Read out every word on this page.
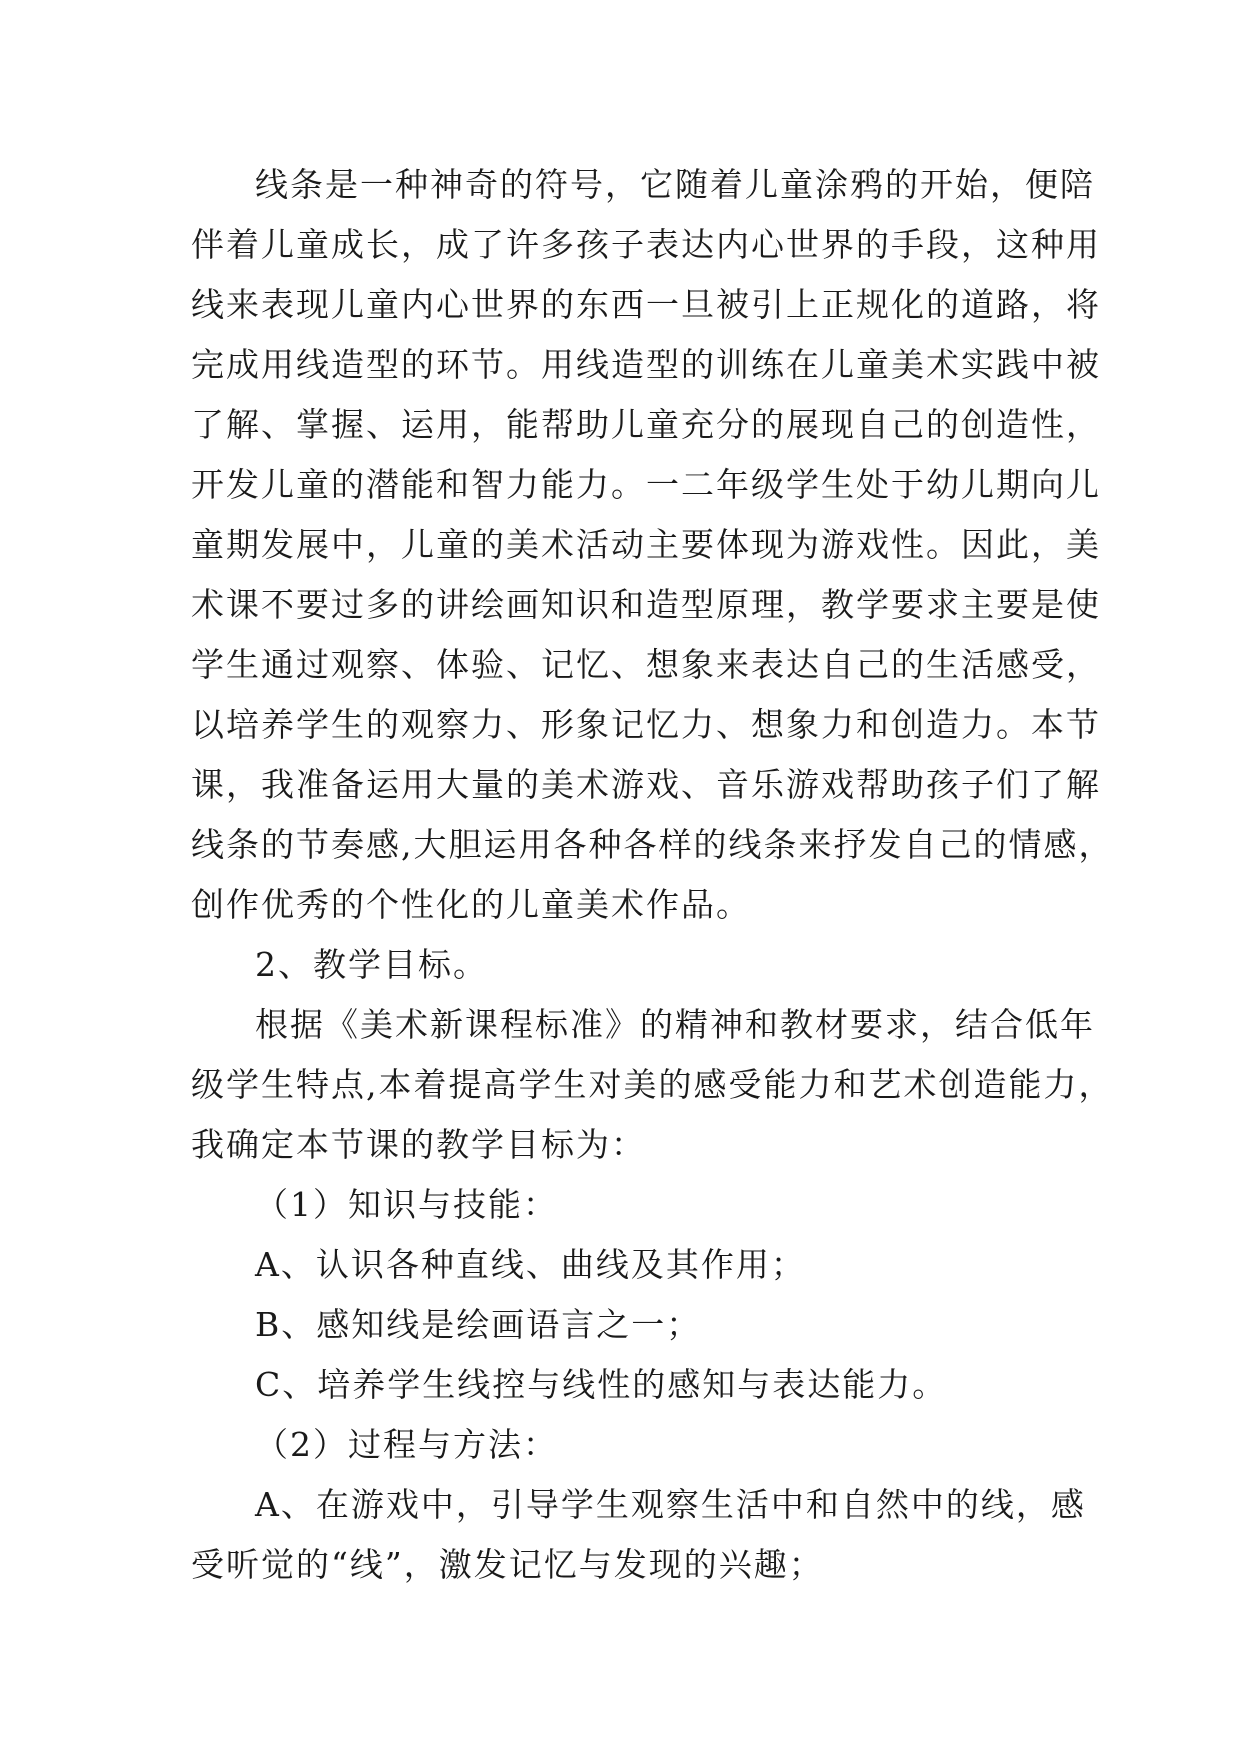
线条是一种神奇的符号，它随着儿童涂鸦的开始，便陪
伴着儿童成长，成了许多孩子表达内心世界的手段，这种用
线来表现儿童内心世界的东西一旦被引上正规化的道路，将
完成用线造型的环节。用线造型的训练在儿童美术实践中被
了解、掌握、运用，能帮助儿童充分的展现自己的创造性，
开发儿童的潜能和智力能力。一二年级学生处于幼儿期向儿
童期发展中，儿童的美术活动主要体现为游戏性。因此，美
术课不要过多的讲绘画知识和造型原理，教学要求主要是使
学生通过观察、体验、记忆、想象来表达自己的生活感受，
以培养学生的观察力、形象记忆力、想象力和创造力。本节
课，我准备运用大量的美术游戏、音乐游戏帮助孩子们了解
线条的节奏感,大胆运用各种各样的线条来抒发自己的情感，
创作优秀的个性化的儿童美术作品。
2、教学目标。
根据《美术新课程标准》的精神和教材要求，结合低年
级学生特点,本着提高学生对美的感受能力和艺术创造能力，
我确定本节课的教学目标为：
（1）知识与技能：
A、认识各种直线、曲线及其作用；
B、感知线是绘画语言之一；
C、培养学生线控与线性的感知与表达能力。
（2）过程与方法：
A、在游戏中，引导学生观察生活中和自然中的线，感
受听觉的“线”，激发记忆与发现的兴趣；
